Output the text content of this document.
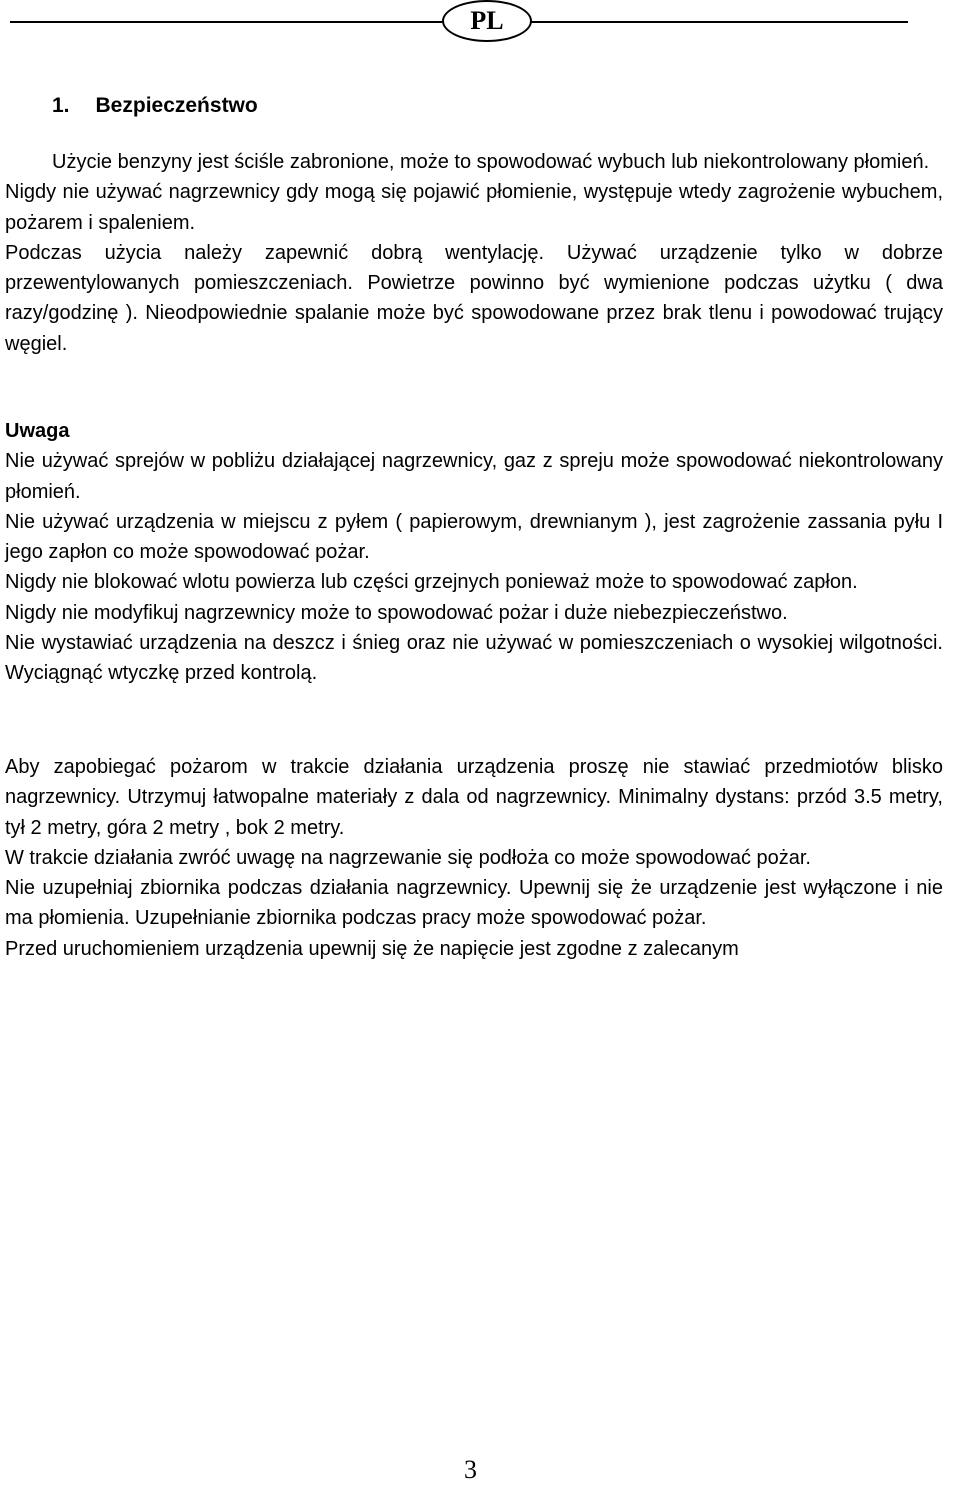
PL
1. Bezpieczeństwo

Użycie benzyny jest ściśle zabronione, może to spowodować wybuch lub niekontrolowany płomień.

Nigdy nie używać nagrzewnicy gdy mogą się pojawić płomienie, występuje wtedy zagrożenie wybuchem, pożarem i spaleniem.

Podczas użycia należy zapewnić dobrą wentylację. Używać urządzenie tylko w dobrze przewentylowanych pomieszczeniach. Powietrze powinno być wymienione podczas użytku ( dwa razy/godzinę ). Nieodpowiednie spalanie może być spowodowane przez brak tlenu i powodować trujący węgiel.

Uwaga

Nie używać sprejów w pobliżu działającej nagrzewnicy, gaz z spreju może spowodować niekontrolowany płomień.

Nie używać urządzenia w miejscu z pyłem ( papierowym, drewnianym ), jest zagrożenie zassania pyłu I jego zapłon co może spowodować pożar.

Nigdy nie blokować wlotu powierza lub części grzejnych ponieważ może to spowodować zapłon.

Nigdy nie modyfikuj nagrzewnicy może to spowodować pożar i duże niebezpieczeństwo.

Nie wystawiać urządzenia na deszcz i śnieg oraz nie używać w pomieszczeniach o wysokiej wilgotności. Wyciągnąć wtyczkę przed kontrolą.

Aby zapobiegać pożarom w trakcie działania urządzenia proszę nie stawiać przedmiotów blisko nagrzewnicy. Utrzymuj łatwopalne materiały z dala od nagrzewnicy. Minimalny dystans: przód 3.5 metry, tył 2 metry, góra 2 metry , bok 2 metry.

W trakcie działania zwróć uwagę na nagrzewanie się podłoża co może spowodować pożar.

Nie uzupełniaj zbiornika podczas działania nagrzewnicy. Upewnij się że urządzenie jest wyłączone i nie ma płomienia. Uzupełnianie zbiornika podczas pracy może spowodować pożar.

Przed uruchomieniem urządzenia upewnij się że napięcie jest zgodne z zalecanym

3
